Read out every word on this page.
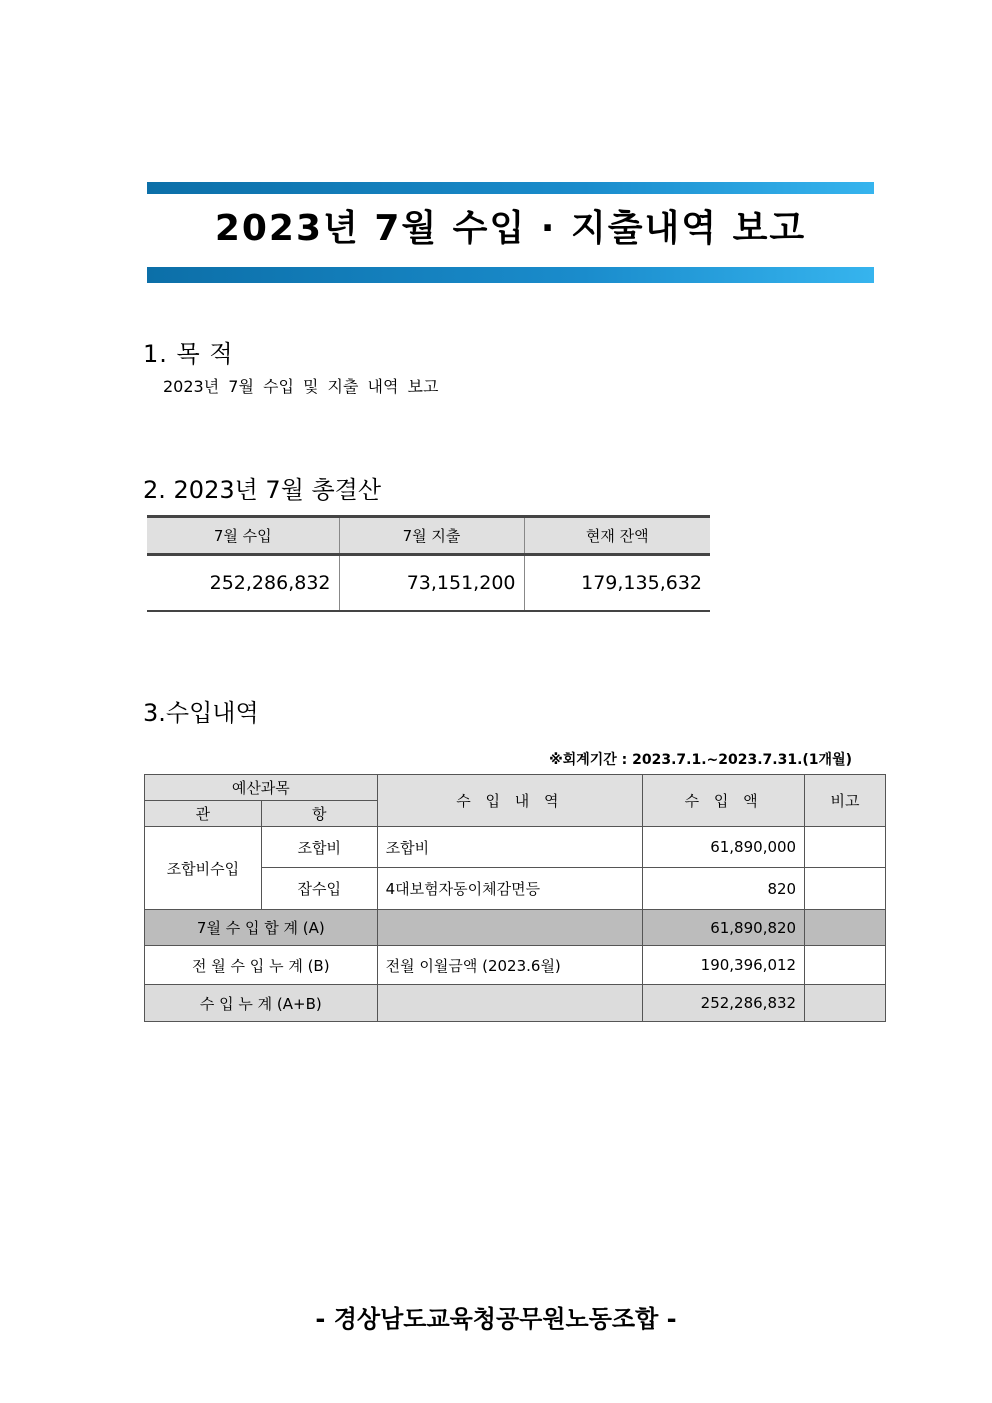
2023년 7월 수입 · 지출내역 보고
1. 목 적
2023년 7월 수입 및 지출 내역 보고
2. 2023년 7월 총결산
7월 수입	7월 지출	현재 잔액
252,286,832	73,151,200	179,135,632
3.수입내역
※회계기간 : 2023.7.1.~2023.7.31.(1개월)
예산과목		수 입 내 역	수 입 액	비고
관	항			
조합비수입	조합비	조합비	61,890,000	
	잡수입	4대보험자동이체감면등	820	
7월 수 입 합 계 (A)			61,890,820	
전 월 수 입 누 계 (B)		전월 이월금액 (2023.6월)	190,396,012	
수 입 누 계 (A+B)			252,286,832	
- 경상남도교육청공무원노동조합 -
